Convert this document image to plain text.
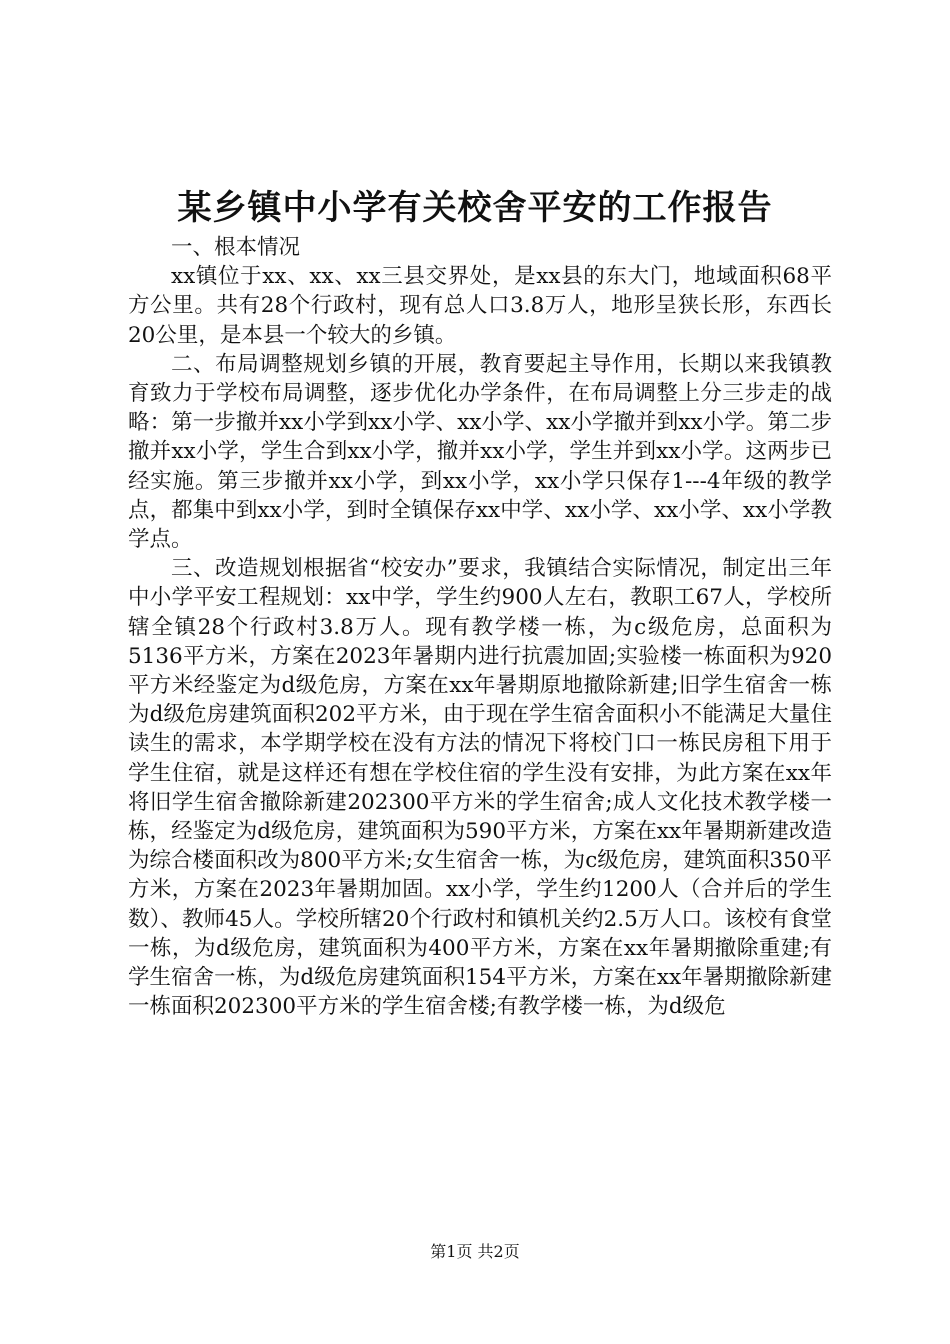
某乡镇中小学有关校舍平安的工作报告

一、根本情况

xx镇位于xx、xx、xx三县交界处，是xx县的东大门，地域面积68平方公里。共有28个行政村，现有总人口3.8万人，地形呈狭长形，东西长20公里，是本县一个较大的乡镇。

二、布局调整规划乡镇的开展，教育要起主导作用，长期以来我镇教育致力于学校布局调整，逐步优化办学条件，在布局调整上分三步走的战略：第一步撤并xx小学到xx小学、xx小学、xx小学撤并到xx小学。第二步撤并xx小学，学生合到xx小学，撤并xx小学，学生并到xx小学。这两步已经实施。第三步撤并xx小学，到xx小学，xx小学只保存1---4年级的教学点，都集中到xx小学，到时全镇保存xx中学、xx小学、xx小学、xx小学教学点。

三、改造规划根据省“校安办”要求，我镇结合实际情况，制定出三年中小学平安工程规划：xx中学，学生约900人左右，教职工67人，学校所辖全镇28个行政村3.8万人。现有教学楼一栋，为c级危房，总面积为5136平方米，方案在2023年暑期内进行抗震加固;实验楼一栋面积为920平方米经鉴定为d级危房，方案在xx年暑期原地撤除新建;旧学生宿舍一栋为d级危房建筑面积202平方米，由于现在学生宿舍面积小不能满足大量住读生的需求，本学期学校在没有方法的情况下将校门口一栋民房租下用于学生住宿，就是这样还有想在学校住宿的学生没有安排，为此方案在xx年将旧学生宿舍撤除新建202300平方米的学生宿舍;成人文化技术教学楼一栋，经鉴定为d级危房，建筑面积为590平方米，方案在xx年暑期新建改造为综合楼面积改为800平方米;女生宿舍一栋，为c级危房，建筑面积350平方米，方案在2023年暑期加固。xx小学，学生约1200人（合并后的学生数）、教师45人。学校所辖20个行政村和镇机关约2.5万人口。该校有食堂一栋，为d级危房，建筑面积为400平方米，方案在xx年暑期撤除重建;有学生宿舍一栋，为d级危房建筑面积154平方米，方案在xx年暑期撤除新建一栋面积202300平方米的学生宿舍楼;有教学楼一栋，为d级危

第1页 共2页
